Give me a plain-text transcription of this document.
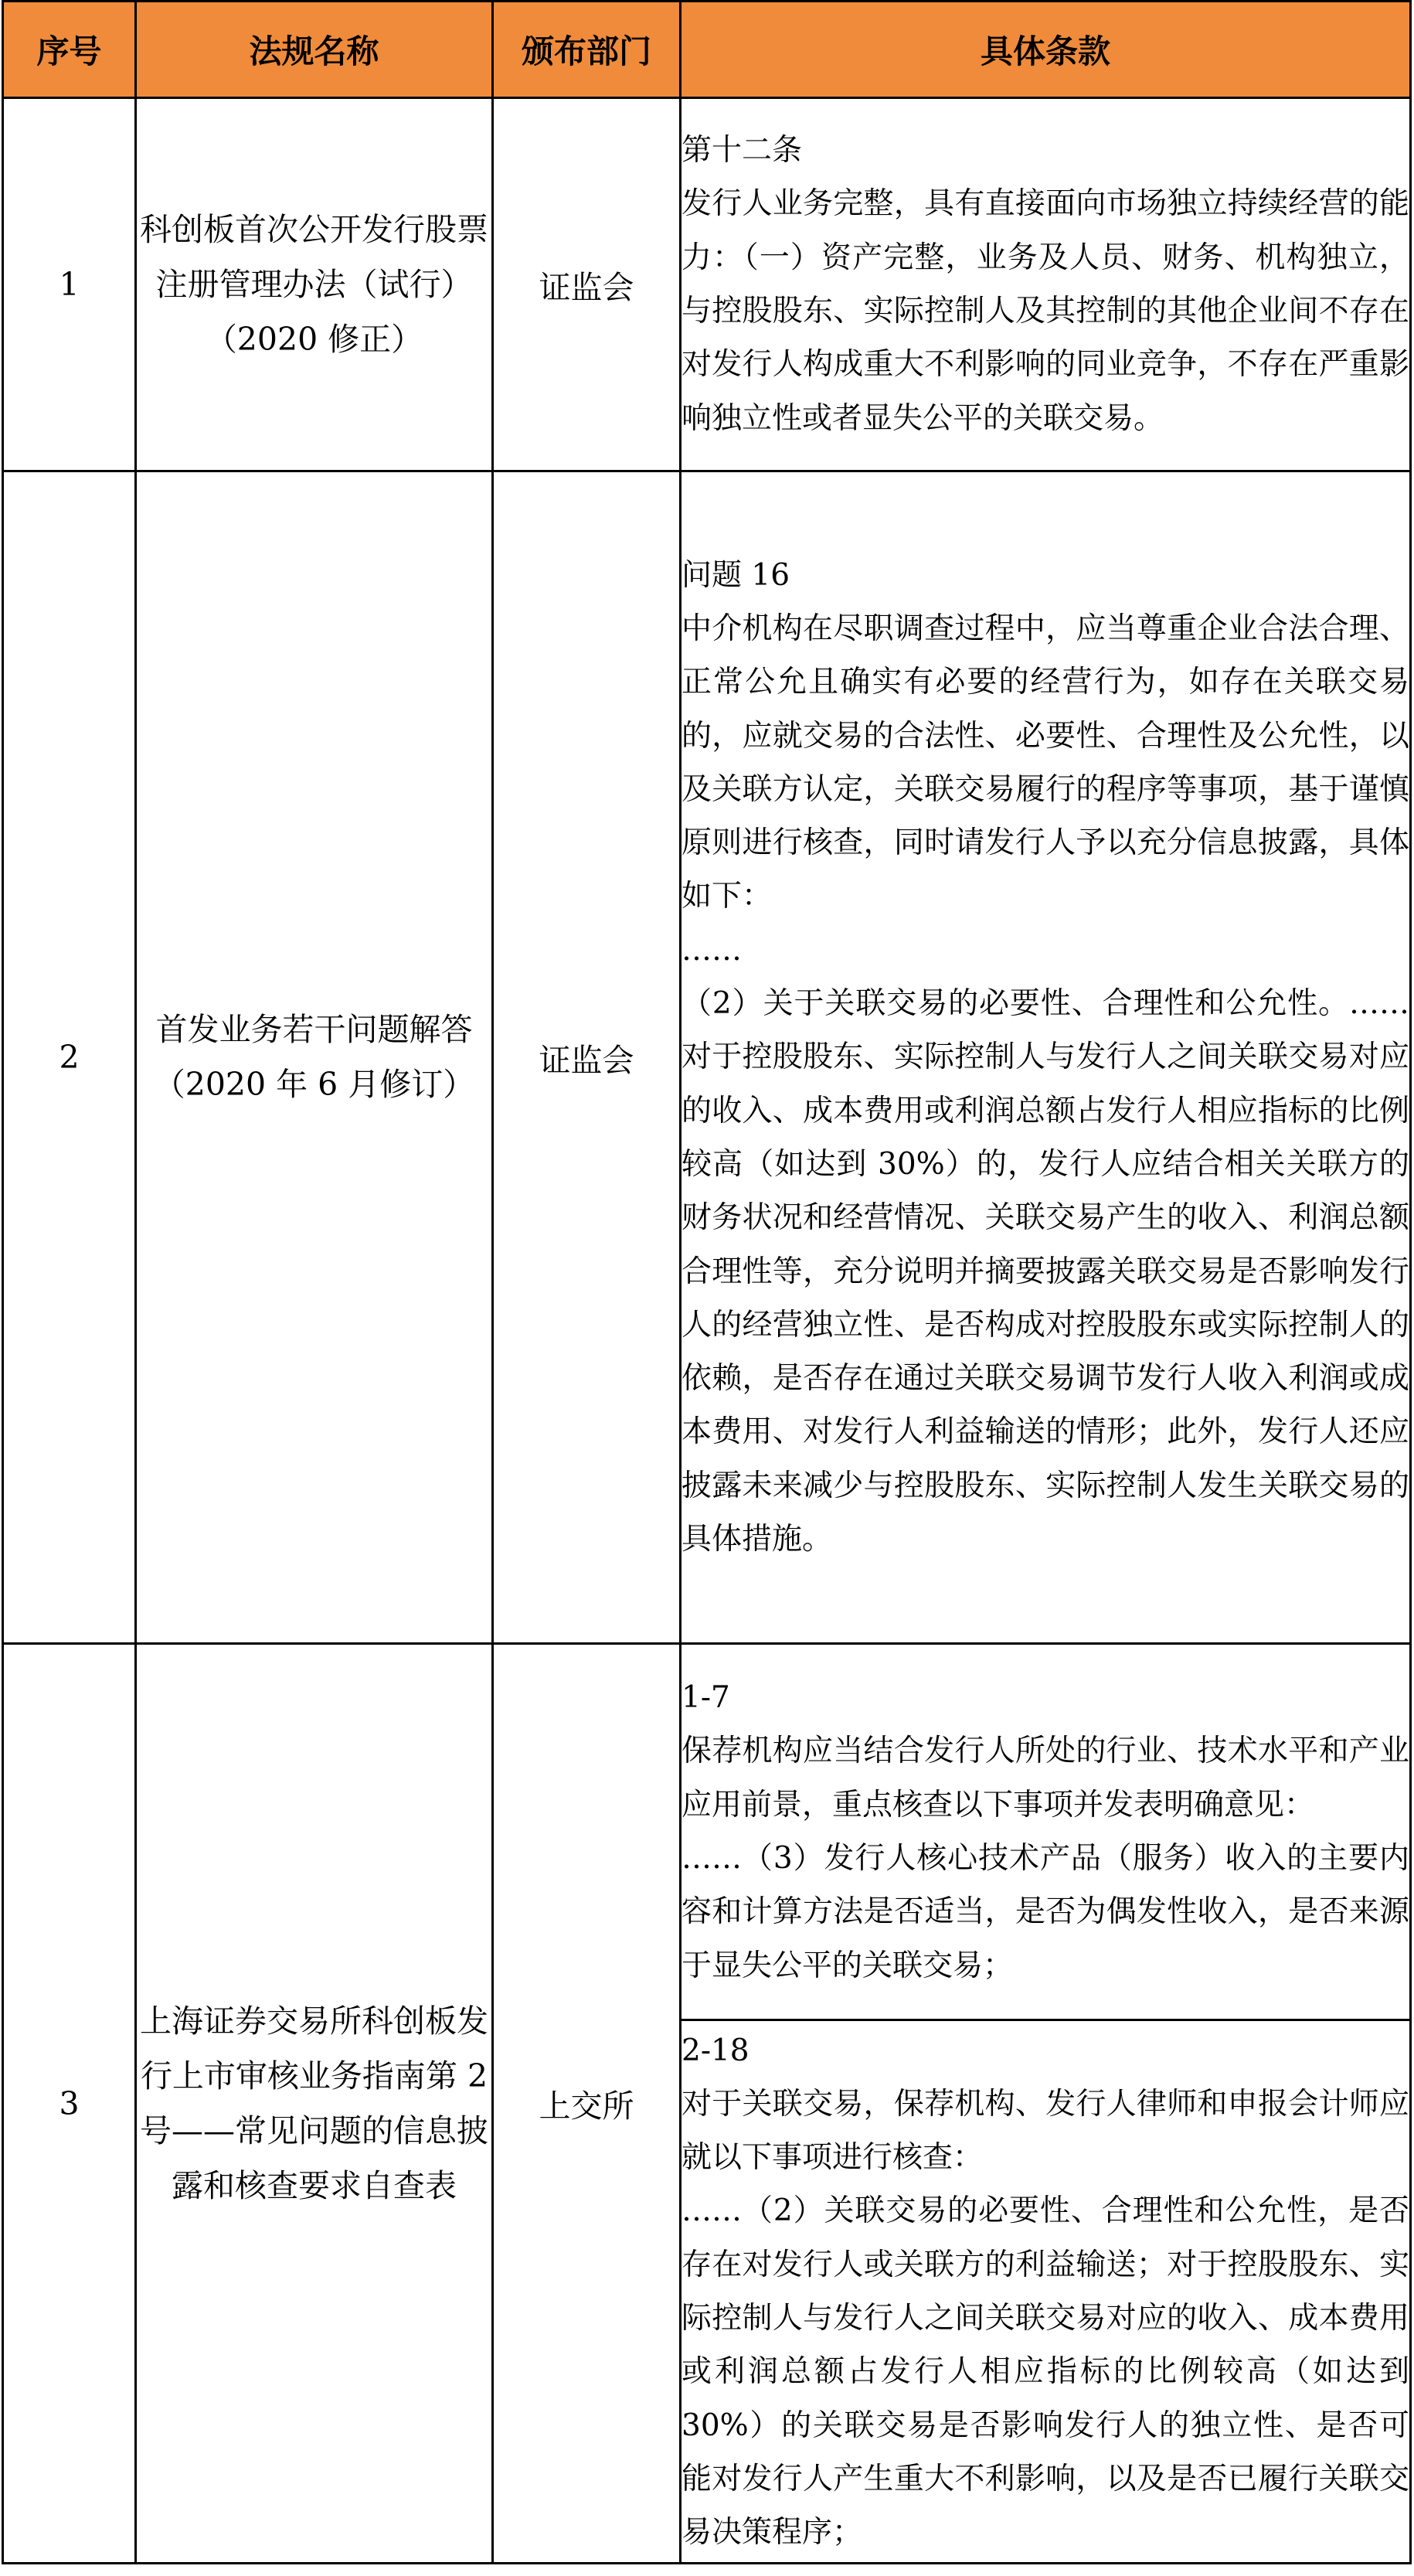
序号	法规名称	颁布部门	具体条款
1	科创板首次公开发行股票注册管理办法（试行）（2020 修正）	证监会	第十二条
发行人业务完整，具有直接面向市场独立持续经营的能力：（一）资产完整，业务及人员、财务、机构独立，与控股股东、实际控制人及其控制的其他企业间不存在对发行人构成重大不利影响的同业竞争，不存在严重影响独立性或者显失公平的关联交易。

2	首发业务若干问题解答（2020 年 6 月修订）	证监会	问题 16
中介机构在尽职调查过程中，应当尊重企业合法合理、正常公允且确实有必要的经营行为，如存在关联交易的，应就交易的合法性、必要性、合理性及公允性，以及关联方认定，关联交易履行的程序等事项，基于谨慎原则进行核查，同时请发行人予以充分信息披露，具体如下：
……
（2）关于关联交易的必要性、合理性和公允性。……对于控股股东、实际控制人与发行人之间关联交易对应的收入、成本费用或利润总额占发行人相应指标的比例较高（如达到 30%）的，发行人应结合相关关联方的财务状况和经营情况、关联交易产生的收入、利润总额合理性等，充分说明并摘要披露关联交易是否影响发行人的经营独立性、是否构成对控股股东或实际控制人的依赖，是否存在通过关联交易调节发行人收入利润或成本费用、对发行人利益输送的情形；此外，发行人还应披露未来减少与控股股东、实际控制人发生关联交易的具体措施。

3	上海证券交易所科创板发行上市审核业务指南第 2 号——常见问题的信息披露和核查要求自查表	上交所	1-7
保荐机构应当结合发行人所处的行业、技术水平和产业应用前景，重点核查以下事项并发表明确意见：
……（3）发行人核心技术产品（服务）收入的主要内容和计算方法是否适当，是否为偶发性收入，是否来源于显失公平的关联交易；

			2-18
对于关联交易，保荐机构、发行人律师和申报会计师应就以下事项进行核查：
……（2）关联交易的必要性、合理性和公允性，是否存在对发行人或关联方的利益输送；对于控股股东、实际控制人与发行人之间关联交易对应的收入、成本费用或利润总额占发行人相应指标的比例较高（如达到 30%）的关联交易是否影响发行人的独立性、是否可能对发行人产生重大不利影响，以及是否已履行关联交易决策程序；
